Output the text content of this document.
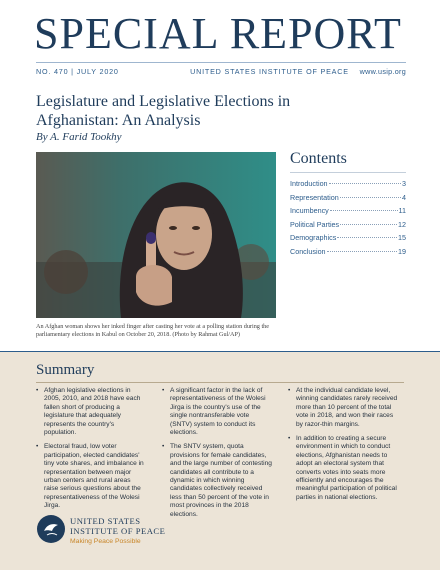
SPECIAL REPORT
NO. 470 | JULY 2020	UNITED STATES INSTITUTE OF PEACE www.usip.org
Legislature and Legislative Elections in Afghanistan: An Analysis
By A. Farid Tookhy
An Afghan woman shows her inked finger after casting her vote at a polling station during the parliamentary elections in Kabul on October 20, 2018. (Photo by Rahmat Gul/AP)
Contents
Introduction	3
Representation	4
Incumbency	11
Political Parties	12
Demographics	15
Conclusion	19
Summary
• Afghan legislative elections in 2005, 2010, and 2018 have each fallen short of producing a legislature that adequately represents the country's population.
• Electoral fraud, low voter participation, elected candidates' tiny vote shares, and imbalance in representation between major urban centers and rural areas raise serious questions about the representativeness of the Wolesi Jirga.
• A significant factor in the lack of representativeness of the Wolesi Jirga is the country's use of the single nontransferable vote (SNTV) system to conduct its elections.
• The SNTV system, quota provisions for female candidates, and the large number of contesting candidates all contribute to a dynamic in which winning candidates collectively received less than 50 percent of the vote in most provinces in the 2018 elections.
• At the individual candidate level, winning candidates rarely received more than 10 percent of the total vote in 2018, and won their races by razor-thin margins.
• In addition to creating a secure environment in which to conduct elections, Afghanistan needs to adopt an electoral system that converts votes into seats more efficiently and encourages the meaningful participation of political parties in national elections.
UNITED STATES
INSTITUTE OF PEACE
Making Peace Possible
